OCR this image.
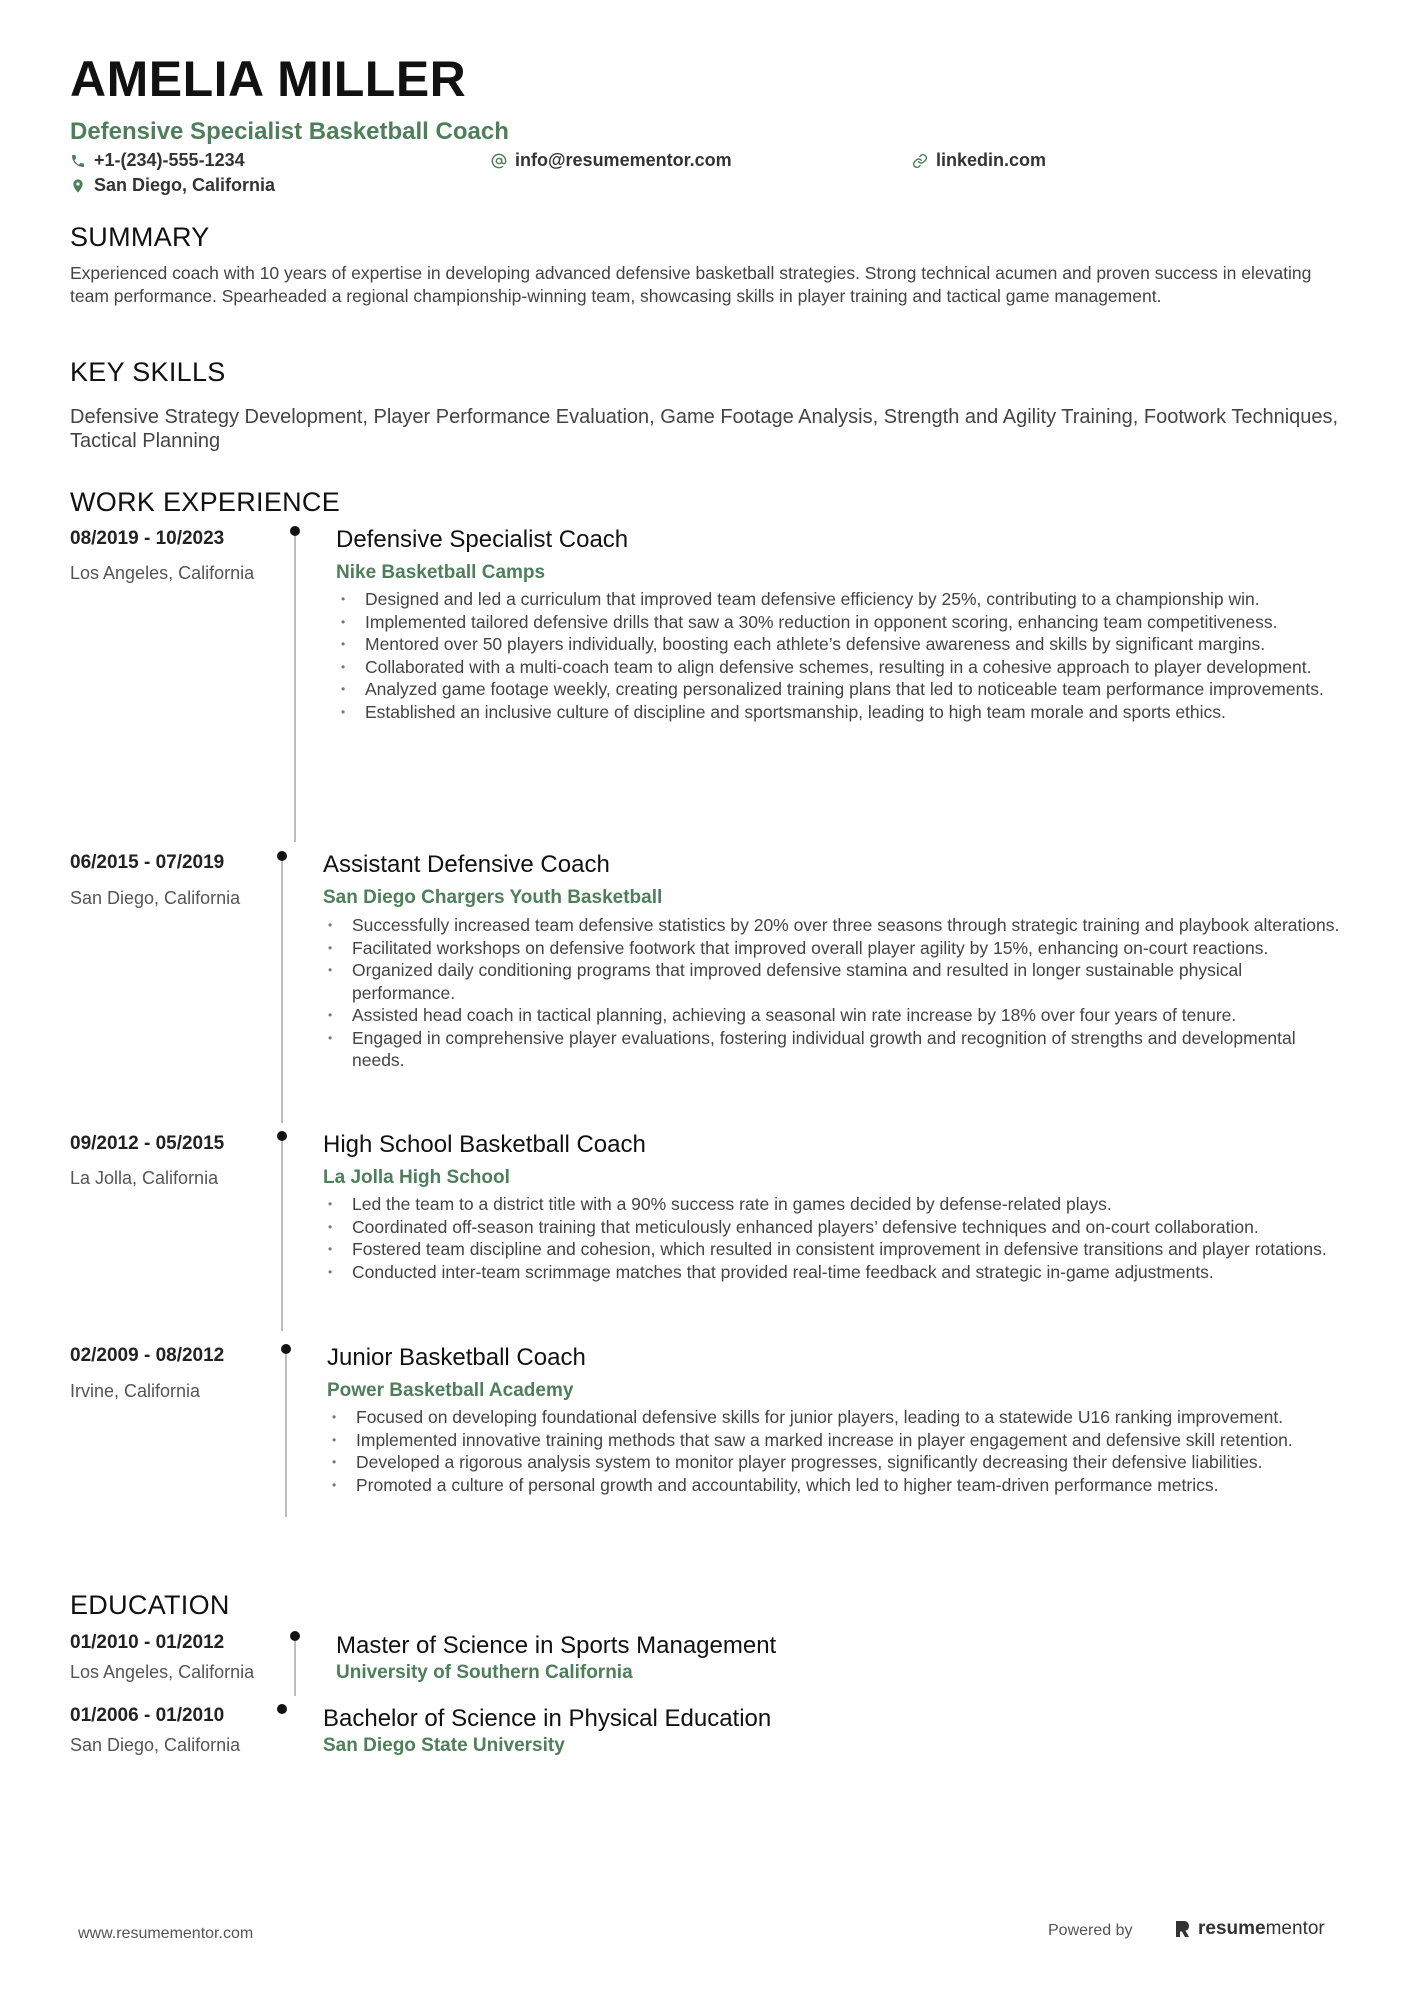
AMELIA MILLER
Defensive Specialist Basketball Coach
+1-(234)-555-1234	info@resumementor.com	linkedin.com
San Diego, California
SUMMARY
Experienced coach with 10 years of expertise in developing advanced defensive basketball strategies. Strong technical acumen and proven success in elevating team performance. Spearheaded a regional championship-winning team, showcasing skills in player training and tactical game management.
KEY SKILLS
Defensive Strategy Development, Player Performance Evaluation, Game Footage Analysis, Strength and Agility Training, Footwork Techniques, Tactical Planning
WORK EXPERIENCE
08/2019 - 10/2023
Los Angeles, California
Defensive Specialist Coach
Nike Basketball Camps
• Designed and led a curriculum that improved team defensive efficiency by 25%, contributing to a championship win.
• Implemented tailored defensive drills that saw a 30% reduction in opponent scoring, enhancing team competitiveness.
• Mentored over 50 players individually, boosting each athlete’s defensive awareness and skills by significant margins.
• Collaborated with a multi-coach team to align defensive schemes, resulting in a cohesive approach to player development.
• Analyzed game footage weekly, creating personalized training plans that led to noticeable team performance improvements.
• Established an inclusive culture of discipline and sportsmanship, leading to high team morale and sports ethics.
06/2015 - 07/2019
San Diego, California
Assistant Defensive Coach
San Diego Chargers Youth Basketball
• Successfully increased team defensive statistics by 20% over three seasons through strategic training and playbook alterations.
• Facilitated workshops on defensive footwork that improved overall player agility by 15%, enhancing on-court reactions.
• Organized daily conditioning programs that improved defensive stamina and resulted in longer sustainable physical performance.
• Assisted head coach in tactical planning, achieving a seasonal win rate increase by 18% over four years of tenure.
• Engaged in comprehensive player evaluations, fostering individual growth and recognition of strengths and developmental needs.
09/2012 - 05/2015
La Jolla, California
High School Basketball Coach
La Jolla High School
• Led the team to a district title with a 90% success rate in games decided by defense-related plays.
• Coordinated off-season training that meticulously enhanced players’ defensive techniques and on-court collaboration.
• Fostered team discipline and cohesion, which resulted in consistent improvement in defensive transitions and player rotations.
• Conducted inter-team scrimmage matches that provided real-time feedback and strategic in-game adjustments.
02/2009 - 08/2012
Irvine, California
Junior Basketball Coach
Power Basketball Academy
• Focused on developing foundational defensive skills for junior players, leading to a statewide U16 ranking improvement.
• Implemented innovative training methods that saw a marked increase in player engagement and defensive skill retention.
• Developed a rigorous analysis system to monitor player progresses, significantly decreasing their defensive liabilities.
• Promoted a culture of personal growth and accountability, which led to higher team-driven performance metrics.
EDUCATION
01/2010 - 01/2012
Los Angeles, California
Master of Science in Sports Management
University of Southern California
01/2006 - 01/2010
San Diego, California
Bachelor of Science in Physical Education
San Diego State University
www.resumementor.com	Powered by	resumementor
